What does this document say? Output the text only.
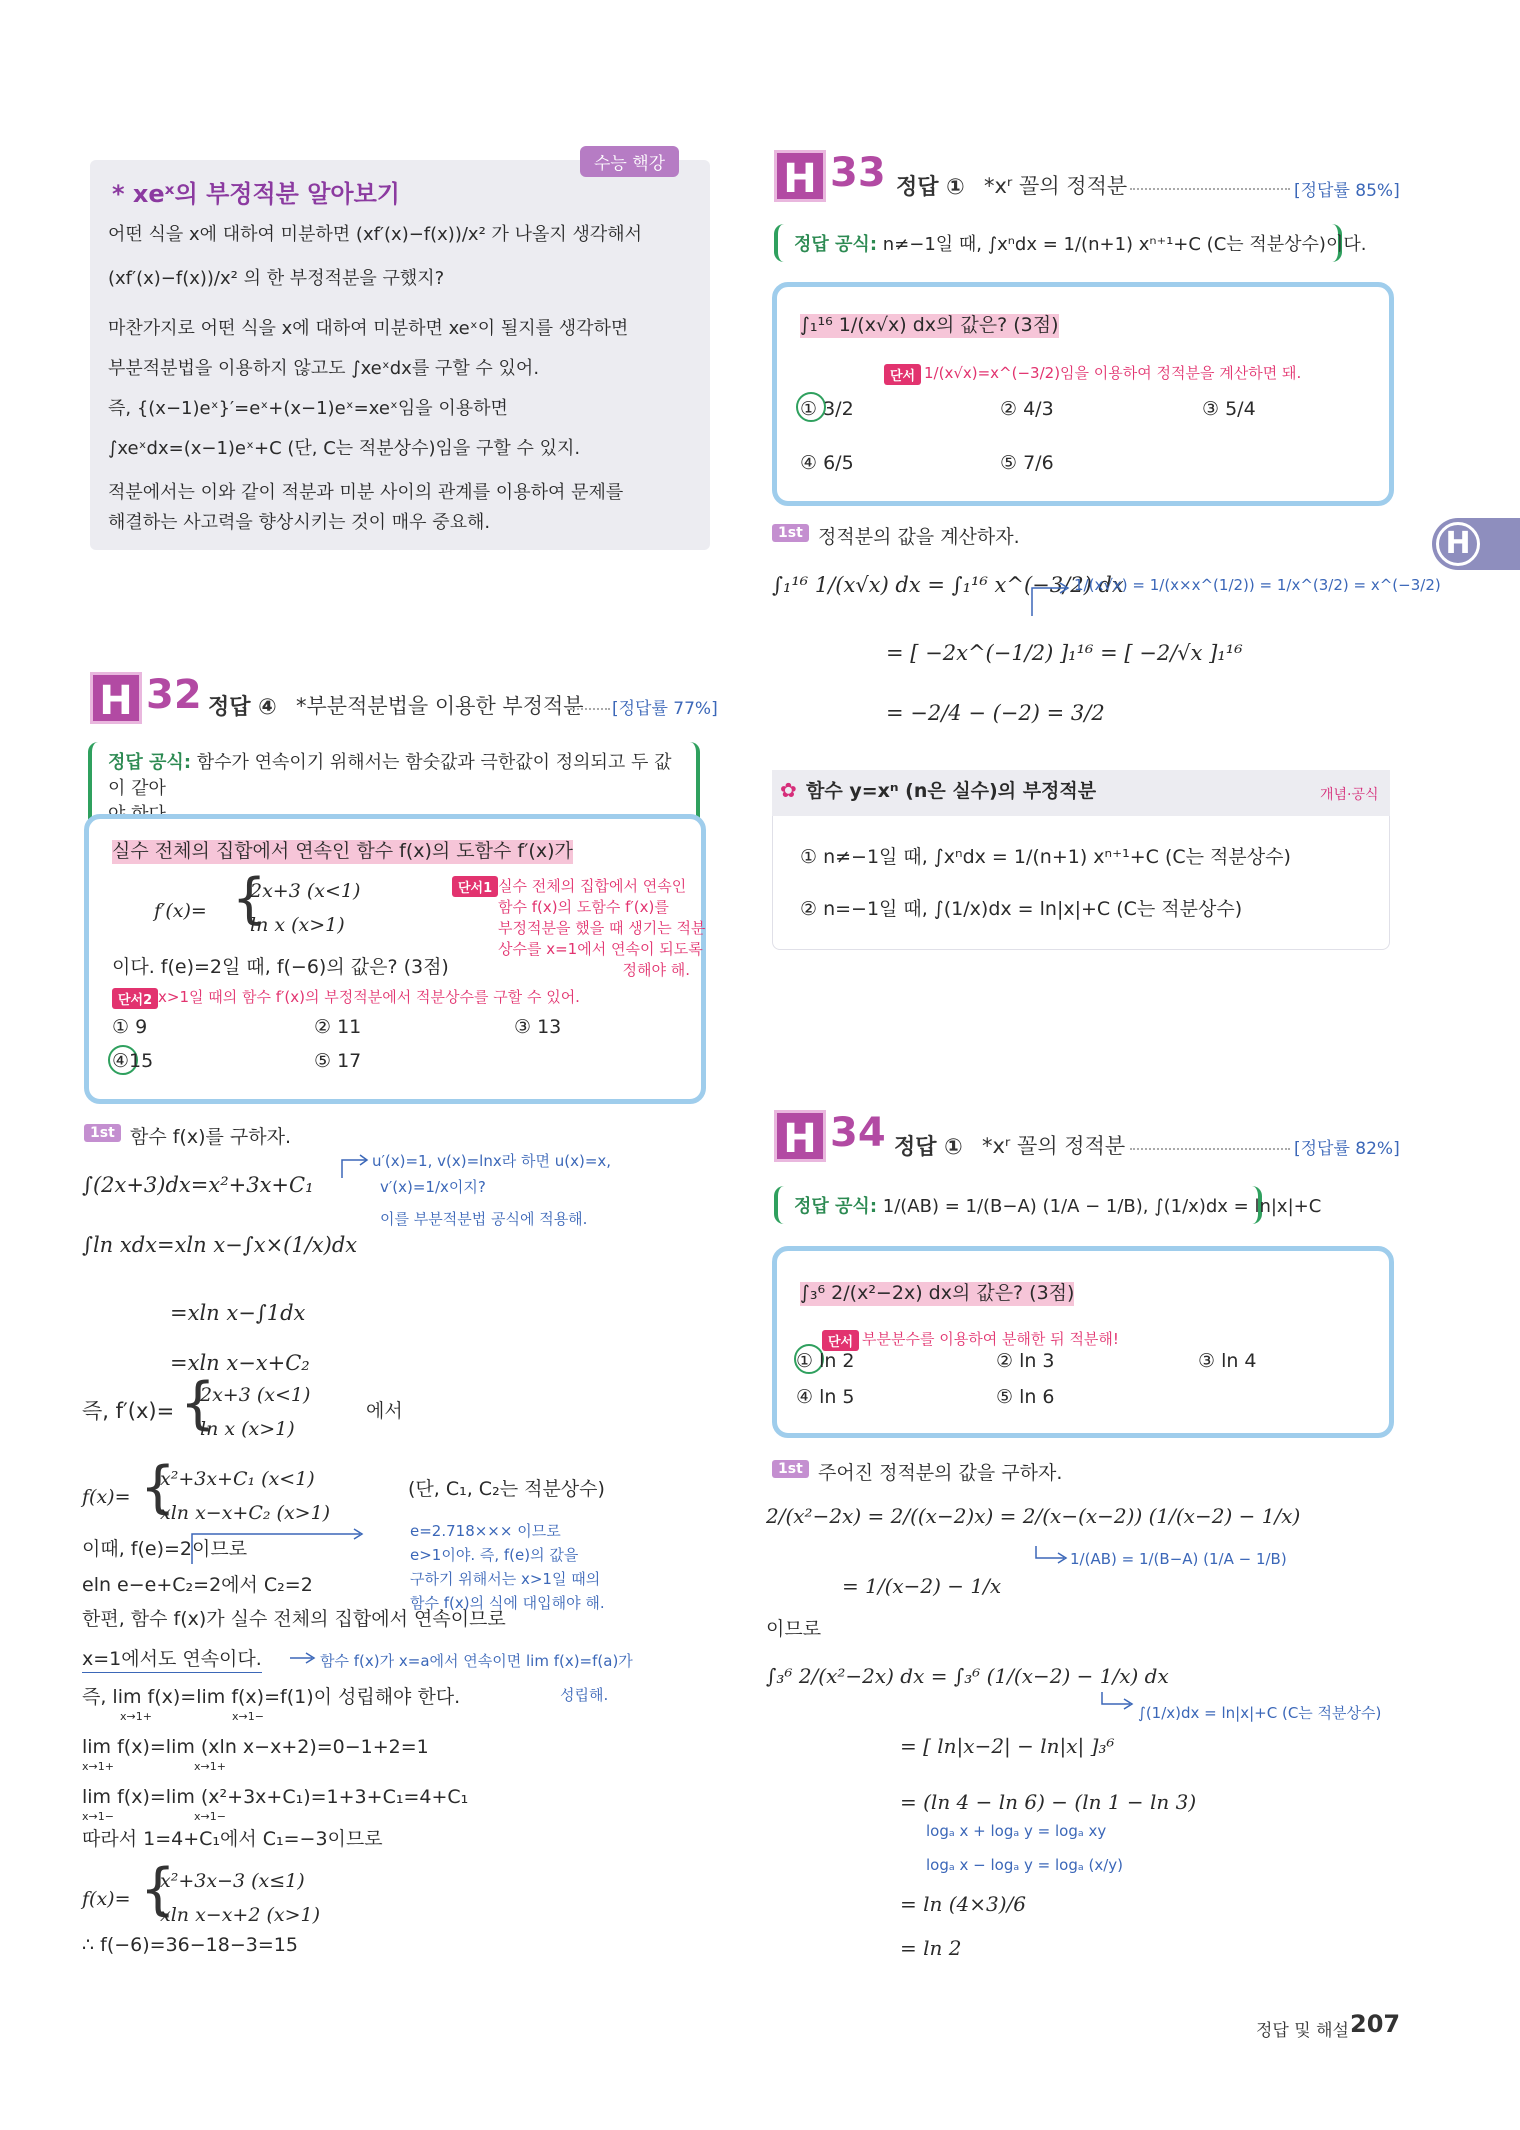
수능 핵강
* xeˣ의 부정적분 알아보기
어떤 식을 x에 대하여 미분하면 (xf′(x)−f(x))/x² 가 나올지 생각해서
(xf′(x)−f(x))/x² 의 한 부정적분을 구했지?
마찬가지로 어떤 식을 x에 대하여 미분하면 xeˣ이 될지를 생각하면
부분적분법을 이용하지 않고도 ∫xeˣdx를 구할 수 있어.
즉, {(x−1)eˣ}′=eˣ+(x−1)eˣ=xeˣ임을 이용하면
∫xeˣdx=(x−1)eˣ+C (단, C는 적분상수)임을 구할 수 있지.
적분에서는 이와 같이 적분과 미분 사이의 관계를 이용하여 문제를
해결하는 사고력을 향상시키는 것이 매우 중요해.
H 32 정답 ④ *부분적분법을 이용한 부정적분 [정답률 77%]
정답 공식: 함수가 연속이기 위해서는 함숫값과 극한값이 정의되고 두 값이 같아

실수 전체의 집합에서 연속인 함수 f(x)의 도함수 f′(x)가
f′(x)= {
2x+3 (x<1)
ln x (x>1)
이다. f(e)=2일 때, f(−6)의 값은? (3점)
단서1 실수 전체의 집합에서 연속인
함수 f(x)의 도함수 f′(x)를
부정적분을 했을 때 생기는 적분
상수를 x=1에서 연속이 되도록
정해야 해.
단서2 x>1일 때의 함수 f′(x)의 부정적분에서 적분상수를 구할 수 있어.
① 9	② 11	③ 13
④15	⑤ 17
1st 함수 f(x)를 구하자.
∫(2x+3)dx=x²+3x+C₁
∫ln xdx=xln x−∫x×(1/x)dx
=xln x−∫1dx
=xln x−x+C₂
즉, f′(x)= {
2x+3 (x<1)
ln x (x>1)
에서
f(x)= {
x²+3x+C₁ (x<1)
xln x−x+C₂ (x>1)
(단, C₁, C₂는 적분상수)
이때, f(e)=2이므로
eln e−e+C₂=2에서 C₂=2
한편, 함수 f(x)가 실수 전체의 집합에서 연속이므로
x=1에서도 연속이다.
즉, lim f(x)=lim f(x)=f(1)이 성립해야 한다.
x→1+	x→1−
lim f(x)=lim (xln x−x+2)=0−1+2=1
x→1+	x→1+
lim f(x)=lim (x²+3x+C₁)=1+3+C₁=4+C₁
x→1−	x→1−
따라서 1=4+C₁에서 C₁=−3이므로
f(x)= {
x²+3x−3 (x≤1)
xln x−x+2 (x>1)
∴ f(−6)=36−18−3=15
u′(x)=1, v(x)=lnx라 하면 u(x)=x,
v′(x)=1/x이지?
이를 부분적분법 공식에 적용해.
e=2.718××× 이므로
e>1이야. 즉, f(e)의 값을
구하기 위해서는 x>1일 때의
함수 f(x)의 식에 대입해야 해.
함수 f(x)가 x=a에서 연속이면 lim f(x)=f(a)가
성립해.
H 33 정답 ① *xʳ 꼴의 정적분	[정답률 85%]
정답 공식: n≠−1일 때, ∫xⁿdx = 1/(n+1) xⁿ⁺¹+C (C는 적분상수)이다.
∫₁¹⁶ 1/(x√x) dx의 값은? (3점)
단서 1/(x√x)=x^(−3/2)임을 이용하여 정적분을 계산하면 돼.
① 3/2	② 4/3	③ 5/4
④ 6/5	⑤ 7/6
1st 정적분의 값을 계산하자.
∫₁¹⁶ 1/(x√x) dx = ∫₁¹⁶ x^(−3/2) dx
= [ −2x^(−1/2) ]₁¹⁶ = [ −2/√x ]₁¹⁶
= −2/4 − (−2) = 3/2
1/(x√x) = 1/(x×x^(1/2)) = 1/x^(3/2) = x^(−3/2)
✿ 함수 y=xⁿ (n은 실수)의 부정적분	개념·공식
① n≠−1일 때, ∫xⁿdx = 1/(n+1) xⁿ⁺¹+C (C는 적분상수)
② n=−1일 때, ∫(1/x)dx = ln|x|+C (C는 적분상수)
H 34 정답 ① *xʳ 꼴의 정적분	[정답률 82%]
정답 공식: 1/(AB) = 1/(B−A) (1/A − 1/B), ∫(1/x)dx = ln|x|+C
∫₃⁶ 2/(x²−2x) dx의 값은? (3점)
단서 부분분수를 이용하여 분해한 뒤 적분해!
① ln 2	② ln 3	③ ln 4
④ ln 5	⑤ ln 6
1st 주어진 정적분의 값을 구하자.
2/(x²−2x) = 2/((x−2)x) = 2/(x−(x−2)) (1/(x−2) − 1/x)
= 1/(x−2) − 1/x
이므로
∫₃⁶ 2/(x²−2x) dx = ∫₃⁶ (1/(x−2) − 1/x) dx
= [ ln|x−2| − ln|x| ]₃⁶
= (ln 4 − ln 6) − (ln 1 − ln 3)
= ln (4×3)/6
= ln 2
1/(AB) = 1/(B−A) (1/A − 1/B)
∫(1/x)dx = ln|x|+C (C는 적분상수)
logₐ x + logₐ y = logₐ xy
logₐ x − logₐ y = logₐ (x/y)
H
정답 및 해설 207
